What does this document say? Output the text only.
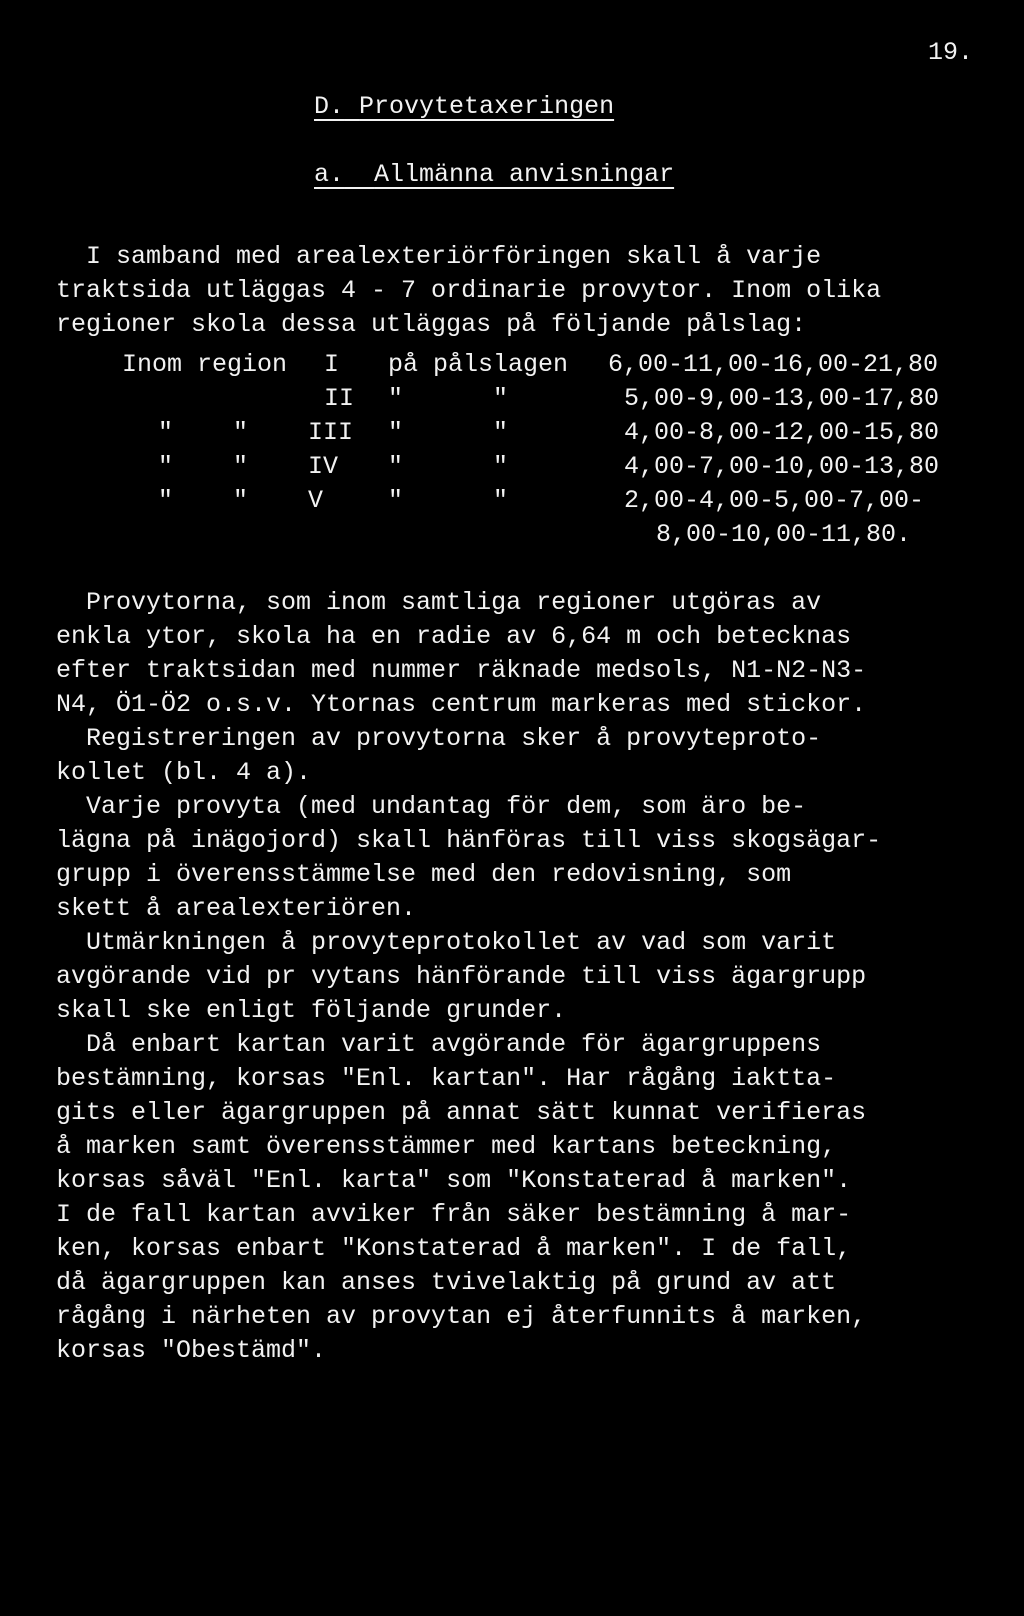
19.
D. Provytetaxeringen
a. Allmänna anvisningar
I samband med arealexteriörföringen skall å varje
traktsida utläggas 4 - 7 ordinarie provytor. Inom olika
regioner skola dessa utläggas på följande pålslag:
Inom region I på pålslagen 6,00-11,00-16,00-21,80
II "      "	5,00-9,00-13,00-17,80
"    " III "      "	4,00-8,00-12,00-15,80
"    " IV "      "	4,00-7,00-10,00-13,80
"    " V	"      "	2,00-4,00-5,00-7,00-
8,00-10,00-11,80.
Provytorna, som inom samtliga regioner utgöras av
enkla ytor, skola ha en radie av 6,64 m och betecknas
efter traktsidan med nummer räknade medsols, N1-N2-N3-
N4, Ö1-Ö2 o.s.v. Ytornas centrum markeras med stickor.
Registreringen av provytorna sker å provyteproto-
kollet (bl. 4 a).
Varje provyta (med undantag för dem, som äro be-
lägna på inägojord) skall hänföras till viss skogsägar-
grupp i överensstämmelse med den redovisning, som
skett å arealexteriören.
Utmärkningen å provyteprotokollet av vad som varit
avgörande vid pr vytans hänförande till viss ägargrupp
skall ske enligt följande grunder.
Då enbart kartan varit avgörande för ägargruppens
bestämning, korsas "Enl. kartan". Har rågång iaktta-
gits eller ägargruppen på annat sätt kunnat verifieras
å marken samt överensstämmer med kartans beteckning,
korsas såväl "Enl. karta" som "Konstaterad å marken".
I de fall kartan avviker från säker bestämning å mar-
ken, korsas enbart "Konstaterad å marken". I de fall,
då ägargruppen kan anses tvivelaktig på grund av att
rågång i närheten av provytan ej återfunnits å marken,
korsas "Obestämd".
